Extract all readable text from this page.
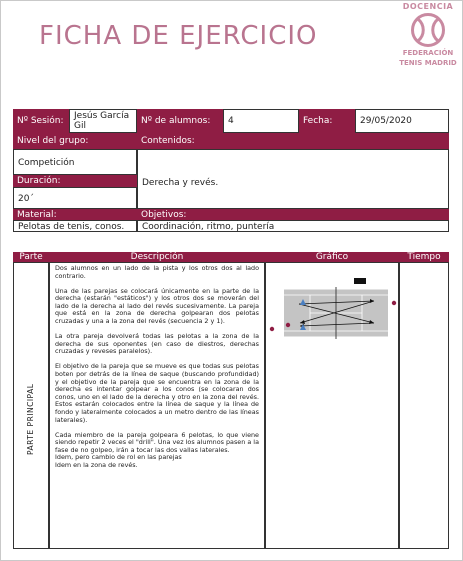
FICHA DE EJERCICIO
DOCENCIA
FEDERACIÓN
TENIS MADRID
Nº Sesión:	Jesús García Gil	Nº de alumnos:	4	Fecha:	29/05/2020
Nivel del grupo:	Contenidos:
Competición
Derecha y revés.
Duración:
20´
Material:	Objetivos:
Pelotas de tenis, conos.	Coordinación, ritmo, puntería
Parte	Descripción	Gráfico	Tiempo
PARTE PRINCIPAL

Dos alumnos en un lado de la pista y los otros dos al lado contrario.

Una de las parejas se colocará únicamente en la parte de la derecha (estarán "estáticos") y los otros dos se moverán del lado de la derecha al lado del revés sucesivamente. La pareja que está en la zona de derecha golpearan dos pelotas cruzadas y una a la zona del revés (secuencia 2 y 1).

La otra pareja devolverá todas las pelotas a la zona de la derecha de sus oponentes (en caso de diestros, derechas cruzadas y reveses paralelos).

El objetivo de la pareja que se mueve es que todas sus pelotas boten por detrás de la línea de saque (buscando profundidad) y el objetivo de la pareja que se encuentra en la zona de la derecha es intentar golpear a los conos (se colocaran dos conos, uno en el lado de la derecha y otro en la zona del revés. Estos estarán colocados entre la línea de saque y la línea de fondo y lateralmente colocados a un metro dentro de las líneas laterales).

Cada miembro de la pareja golpeara 6 pelotas, lo que viene siendo repetir 2 veces el "drill". Una vez los alumnos pasen a la fase de no golpeo, irán a tocar las dos vallas laterales.
Idem, pero cambio de rol en las parejas
Idem en la zona de revés.
